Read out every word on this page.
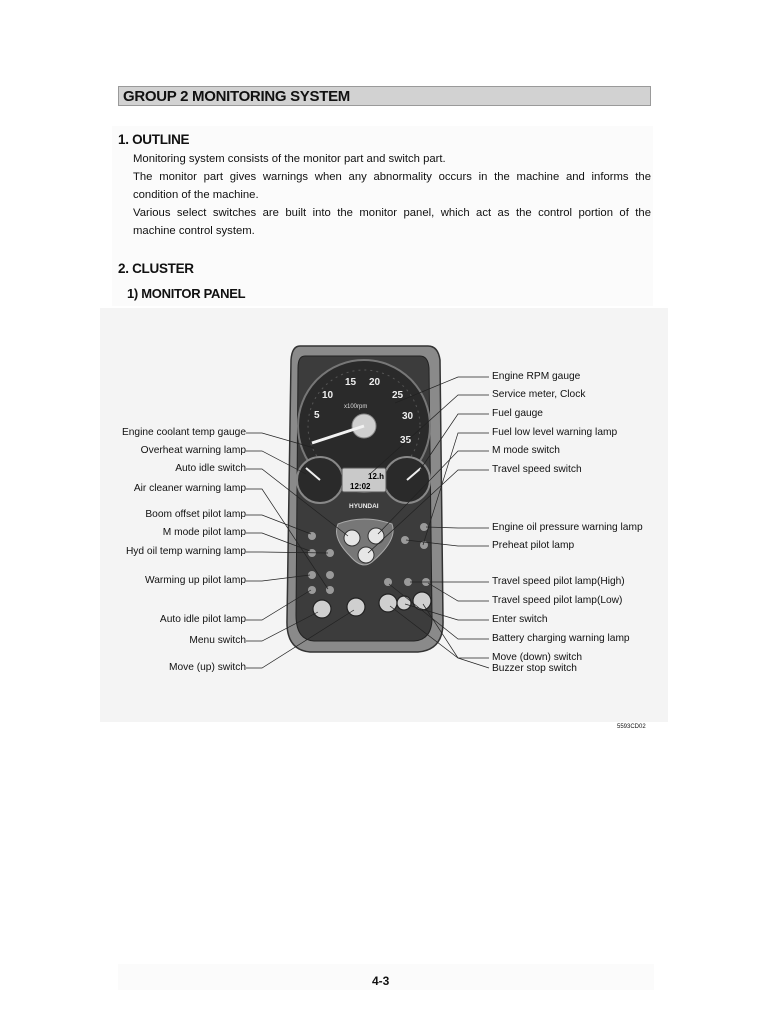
GROUP 2 MONITORING SYSTEM
1. OUTLINE
Monitoring system consists of the monitor part and switch part.
The monitor part gives warnings when any abnormality occurs in the machine and informs the
condition of the machine.
Various select switches are built into the monitor panel, which act as the control portion of the
machine control system.
2. CLUSTER
1) MONITOR PANEL
x100rpm
5
10
15 20
25
30
35
12.h
12:02
HYUNDAI
Engine coolant temp gauge
Overheat warning lamp
Auto idle switch
Air cleaner warning lamp
Boom offset pilot lamp
M mode pilot lamp
Hyd oil temp warning lamp
Warming up pilot lamp
Auto idle pilot lamp
Menu switch
Move (up) switch
Engine RPM gauge
Service meter, Clock
Fuel gauge
Fuel low level warning lamp
M mode switch
Travel speed switch
Engine oil pressure warning lamp
Preheat pilot lamp
Travel speed pilot lamp(High)
Travel speed pilot lamp(Low)
Enter switch
Battery charging warning lamp
Move (down) switch
Buzzer stop switch
5593CD02
4-3
